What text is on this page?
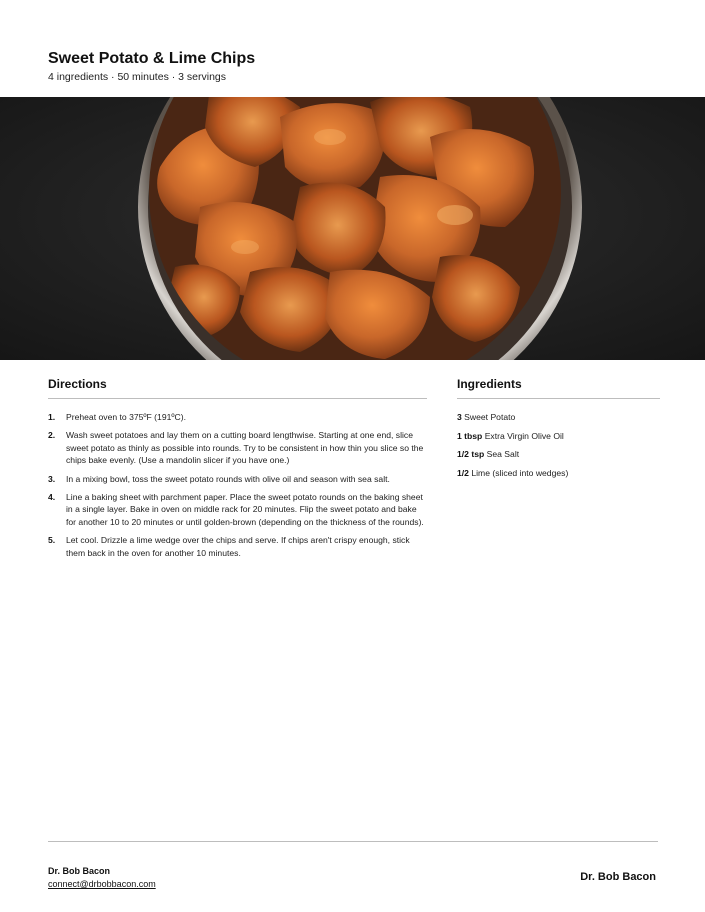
Sweet Potato & Lime Chips
4 ingredients · 50 minutes · 3 servings
Directions
1.	Preheat oven to 375ºF (191ºC).
2.	Wash sweet potatoes and lay them on a cutting board lengthwise. Starting at one end, slice sweet potato as thinly as possible into rounds. Try to be consistent in how thin you slice so the chips bake evenly. (Use a mandolin slicer if you have one.)
3.	In a mixing bowl, toss the sweet potato rounds with olive oil and season with sea salt.
4.	Line a baking sheet with parchment paper. Place the sweet potato rounds on the baking sheet in a single layer. Bake in oven on middle rack for 20 minutes. Flip the sweet potato and bake for another 10 to 20 minutes or until golden-brown (depending on the thickness of the rounds).
5.	Let cool. Drizzle a lime wedge over the chips and serve. If chips aren't crispy enough, stick them back in the oven for another 10 minutes.
Ingredients
3 Sweet Potato
1 tbsp Extra Virgin Olive Oil
1/2 tsp Sea Salt
1/2 Lime (sliced into wedges)
Dr. Bob Bacon
connect@drbobbacon.com
Dr. Bob Bacon
